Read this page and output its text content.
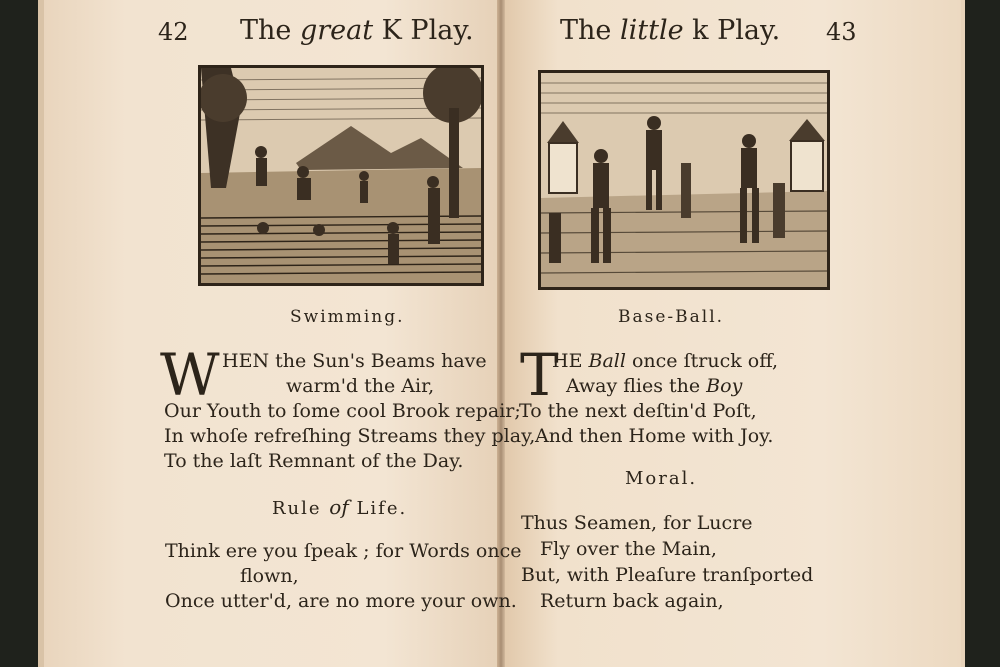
42 The great K Play.
Swimming.
W HEN the Sun's Beams have
warm'd the Air,
Our Youth to ſome cool Brook repair;
In whoſe refreſhing Streams they play,
To the laſt Remnant of the Day.
Rule of Life.
Think ere you ſpeak ; for Words once
flown,
Once utter'd, are no more your own.
The little k Play. 43
Base-Ball.
T
HE Ball once ſtruck off,
Away flies the Boy
To the next deſtin'd Poſt,
And then Home with Joy.
Moral.
Thus Seamen, for Lucre
Fly over the Main,
But, with Pleaſure tranſported
Return back again,
